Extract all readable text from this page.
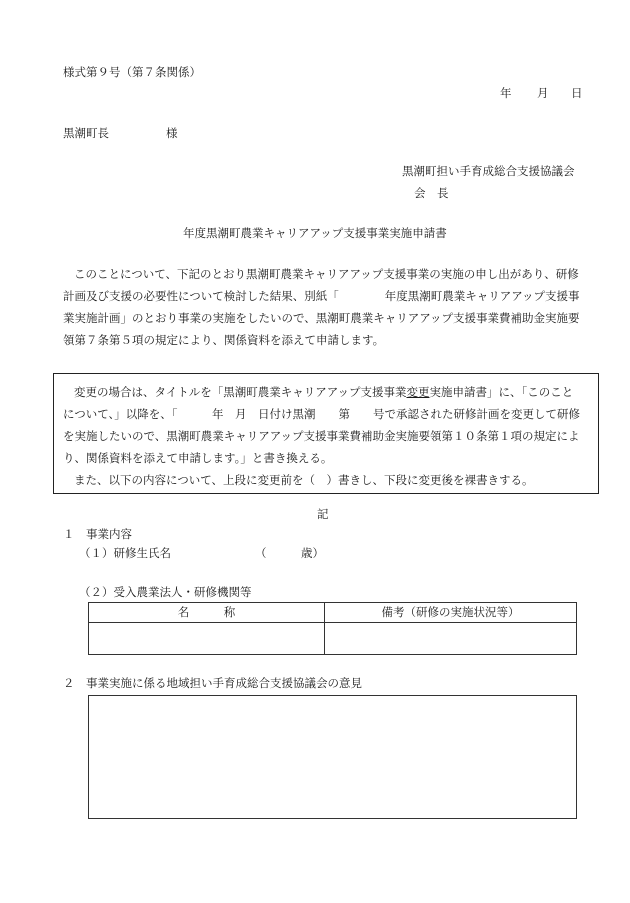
様式第９号（第７条関係）
年 月 日
黒潮町長	様
黒潮町担い手育成総合支援協議会
会　長
年度黒潮町農業キャリアアップ支援事業実施申請書
このことについて、下記のとおり黒潮町農業キャリアアップ支援事業の実施の申し出があり、研修
計画及び支援の必要性について検討した結果、別紙「　　　　年度黒潮町農業キャリアアップ支援事
業実施計画」のとおり事業の実施をしたいので、黒潮町農業キャリアアップ支援事業費補助金実施要
領第７条第５項の規定により、関係資料を添えて申請します。
変更の場合は、タイトルを「黒潮町農業キャリアアップ支援事業変更実施申請書」に、「このこと
について、」以降を、「　　　年　月　日付け黒潮　　第　　号で承認された研修計画を変更して研修
を実施したいので、黒潮町農業キャリアアップ支援事業費補助金実施要領第１０条第１項の規定によ
り、関係資料を添えて申請します。」と書き換える。
また、以下の内容について、上段に変更前を（　）書きし、下段に変更後を裸書きする。
記
１　事業内容
（１）研修生氏名	（　　　歳）
（２）受入農業法人・研修機関等
名　　　称	備考（研修の実施状況等）

２　事業実施に係る地域担い手育成総合支援協議会の意見
